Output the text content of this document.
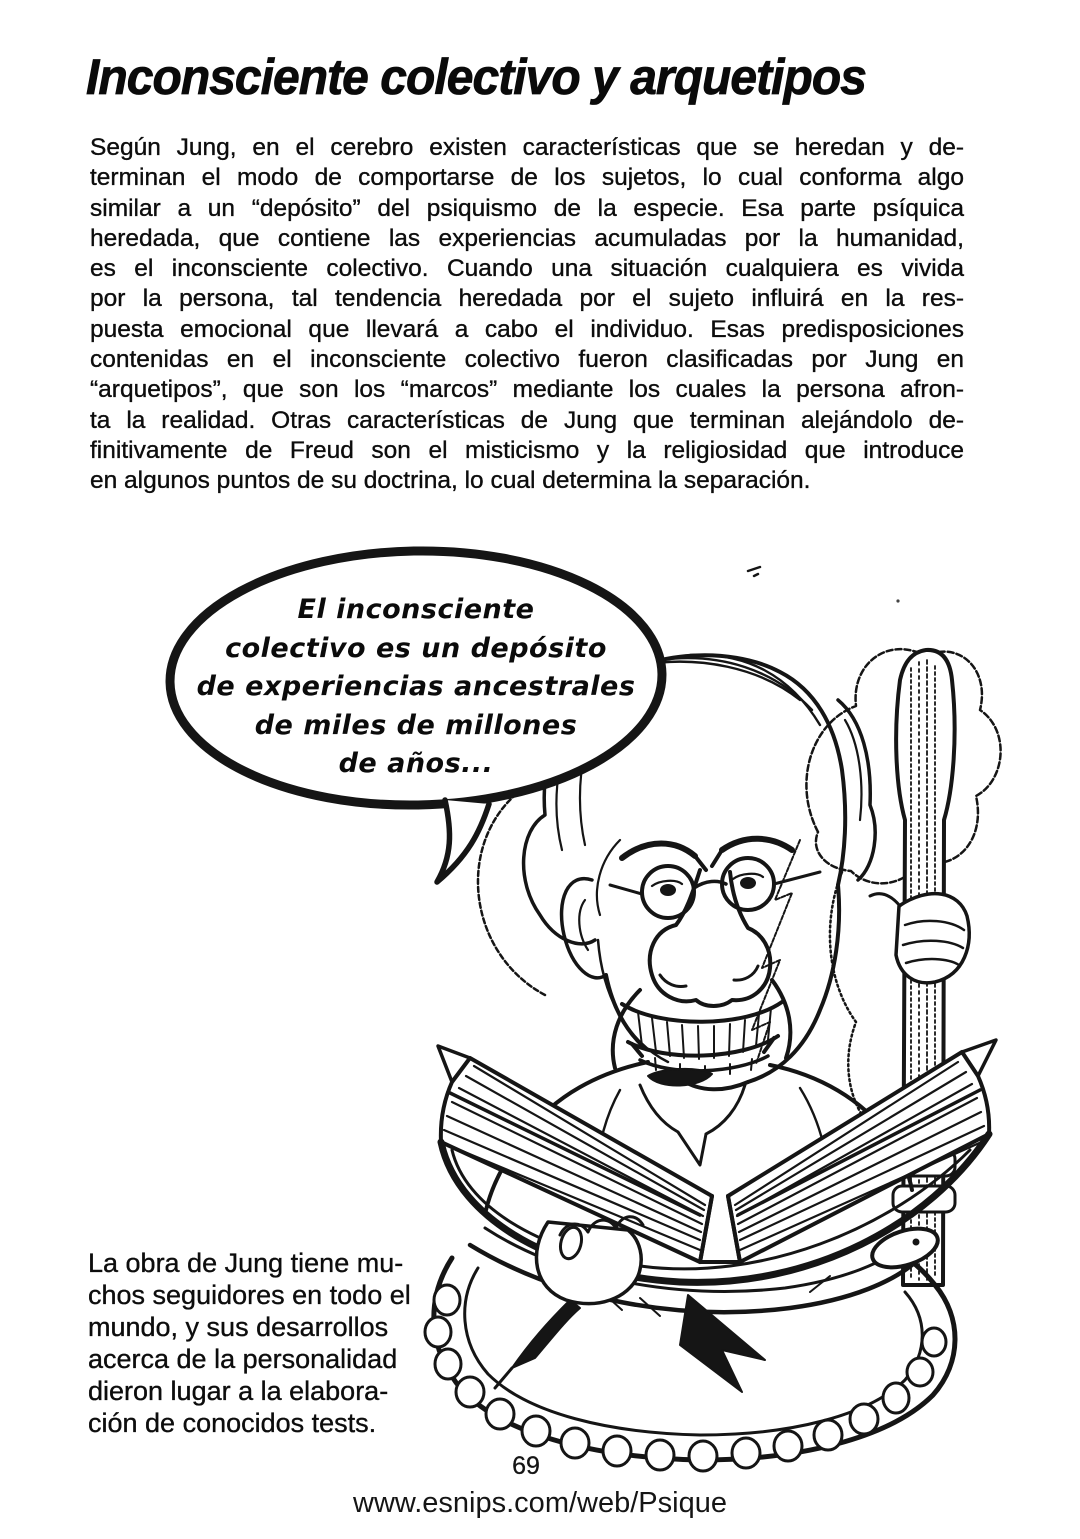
Inconsciente colectivo y arquetipos
Según Jung, en el cerebro existen características que se heredan y de-
terminan el modo de comportarse de los sujetos, lo cual conforma algo
similar a un “depósito” del psiquismo de la especie. Esa parte psíquica
heredada, que contiene las experiencias acumuladas por la humanidad,
es el inconsciente colectivo. Cuando una situación cualquiera es vivida
por la persona, tal tendencia heredada por el sujeto influirá en la res-
puesta emocional que llevará a cabo el individuo. Esas predisposiciones
contenidas en el inconsciente colectivo fueron clasificadas por Jung en
“arquetipos”, que son los “marcos” mediante los cuales la persona afron-
ta la realidad. Otras características de Jung que terminan alejándolo de-
finitivamente de Freud son el misticismo y la religiosidad que introduce
en algunos puntos de su doctrina, lo cual determina la separación.
El inconsciente
colectivo es un depósito
de experiencias ancestrales
de miles de millones
de años...
La obra de Jung tiene mu-
chos seguidores en todo el
mundo, y sus desarrollos
acerca de la personalidad
dieron lugar a la elabora-
ción de conocidos tests.
69
www.esnips.com/web/Psique
